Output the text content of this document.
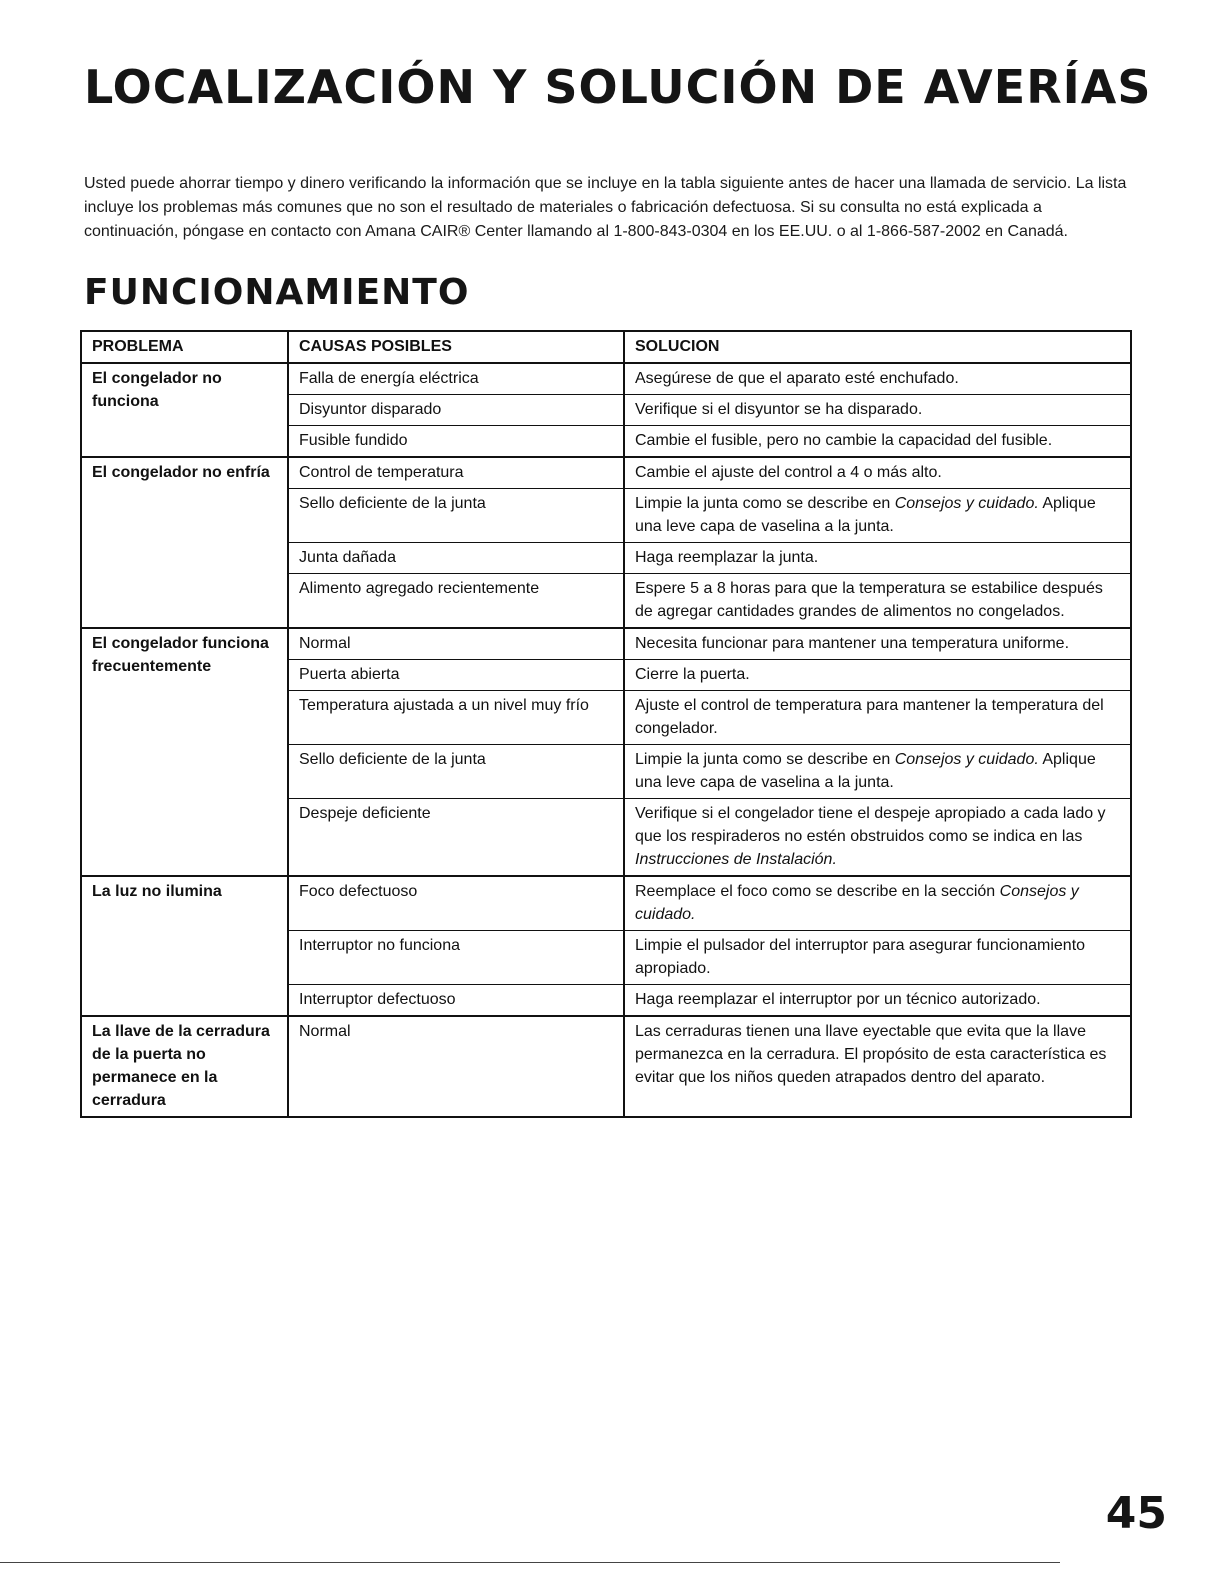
LOCALIZACIÓN Y SOLUCIÓN DE AVERÍAS

Usted puede ahorrar tiempo y dinero verificando la información que se incluye en la tabla siguiente antes de hacer una llamada de servicio. La lista incluye los problemas más comunes que no son el resultado de materiales o fabricación defectuosa. Si su consulta no está explicada a continuación, póngase en contacto con Amana CAIR® Center llamando al 1-800-843-0304 en los EE.UU. o al 1-866-587-2002 en Canadá.

FUNCIONAMIENTO
PROBLEMA	CAUSAS POSIBLES	SOLUCION
El congelador no funciona	Falla de energía eléctrica	Asegúrese de que el aparato esté enchufado.
	Disyuntor disparado	Verifique si el disyuntor se ha disparado.
	Fusible fundido	Cambie el fusible, pero no cambie la capacidad del fusible.
El congelador no enfría	Control de temperatura	Cambie el ajuste del control a 4 o más alto.
	Sello deficiente de la junta	Limpie la junta como se describe en Consejos y cuidado. Aplique una leve capa de vaselina a la junta.
	Junta dañada	Haga reemplazar la junta.
	Alimento agregado recientemente	Espere 5 a 8 horas para que la temperatura se estabilice después de agregar cantidades grandes de alimentos no congelados.
El congelador funciona frecuentemente	Normal	Necesita funcionar para mantener una temperatura uniforme.
	Puerta abierta	Cierre la puerta.
	Temperatura ajustada a un nivel muy frío	Ajuste el control de temperatura para mantener la temperatura del congelador.
	Sello deficiente de la junta	Limpie la junta como se describe en Consejos y cuidado. Aplique una leve capa de vaselina a la junta.
	Despeje deficiente	Verifique si el congelador tiene el despeje apropiado a cada lado y que los respiraderos no estén obstruidos como se indica en las Instrucciones de Instalación.
La luz no ilumina	Foco defectuoso	Reemplace el foco como se describe en la sección Consejos y cuidado.
	Interruptor no funciona	Limpie el pulsador del interruptor para asegurar funcionamiento apropiado.
	Interruptor defectuoso	Haga reemplazar el interruptor por un técnico autorizado.
La llave de la cerradura de la puerta no permanece en la cerradura	Normal	Las cerraduras tienen una llave eyectable que evita que la llave permanezca en la cerradura. El propósito de esta característica es evitar que los niños queden atrapados dentro del aparato.
45
